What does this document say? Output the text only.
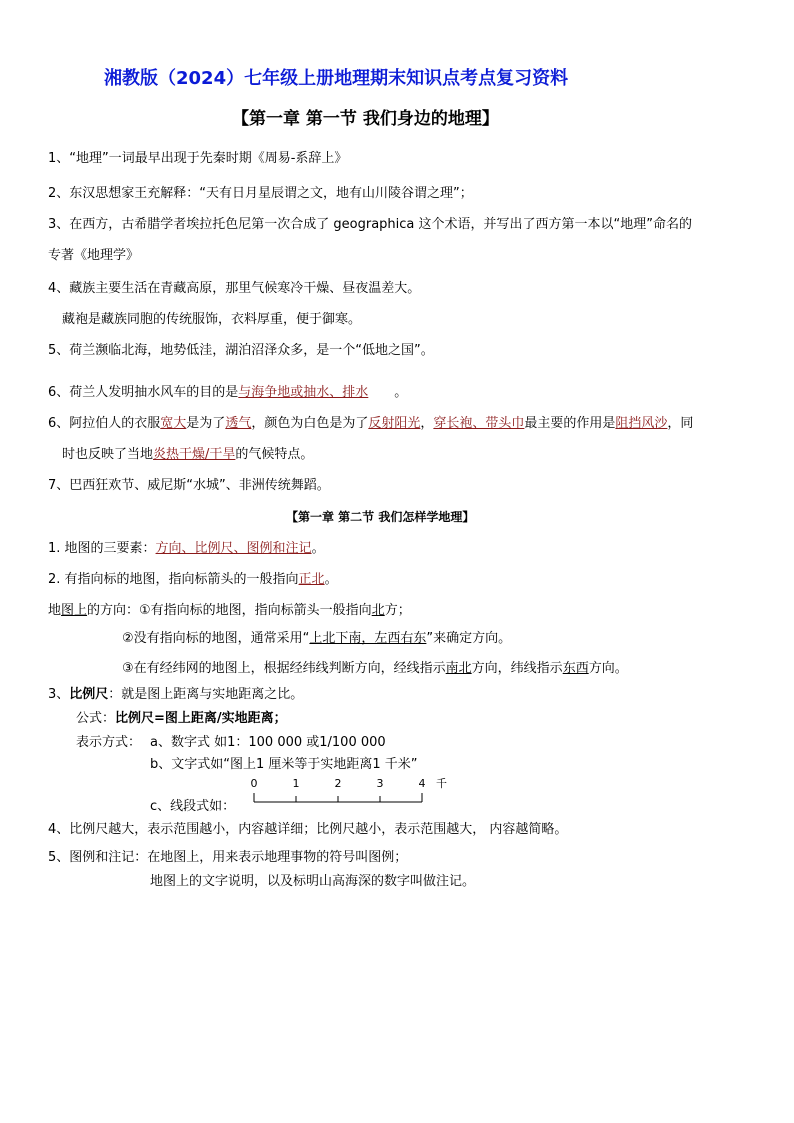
湘教版（2024）七年级上册地理期末知识点考点复习资料
【第一章 第一节 我们身边的地理】
1、“地理”一词最早出现于先秦时期《周易-系辞上》
2、东汉思想家王充解释：“天有日月星辰谓之文，地有山川陵谷谓之理”；
3、在西方，古希腊学者埃拉托色尼第一次合成了 geographica 这个术语，并写出了西方第一本以“地理”命名的
专著《地理学》
4、藏族主要生活在青藏高原，那里气候寒冷干燥、昼夜温差大。
藏袍是藏族同胞的传统服饰，衣料厚重，便于御寒。
5、荷兰濒临北海，地势低洼，湖泊沼泽众多，是一个“低地之国”。
6、荷兰人发明抽水风车的目的是与海争地或抽水、排水 。
6、阿拉伯人的衣服宽大是为了透气，颜色为白色是为了反射阳光，穿长袍、带头巾最主要的作用是阻挡风沙，同
时也反映了当地炎热干燥/干旱的气候特点。
7、巴西狂欢节、威尼斯“水城”、非洲传统舞蹈。
【第一章 第二节 我们怎样学地理】
1. 地图的三要素：方向、比例尺、图例和注记。
2. 有指向标的地图，指向标箭头的一般指向正北。
地图上的方向：①有指向标的地图，指向标箭头一般指向北方；
②没有指向标的地图，通常采用“上北下南，左西右东”来确定方向。
③在有经纬网的地图上，根据经纬线判断方向，经线指示南北方向，纬线指示东西方向。
3、比例尺：就是图上距离与实地距离之比。
公式：比例尺=图上距离/实地距离；
表示方式： a、数字式 如1：100 000 或1/100 000
b、文字式如“图上1 厘米等于实地距离1 千米”
c、线段式如：
0	1	2	3	4 千
4、比例尺越大，表示范围越小，内容越详细；比例尺越小，表示范围越大， 内容越简略。
5、图例和注记：在地图上，用来表示地理事物的符号叫图例；
地图上的文字说明，以及标明山高海深的数字叫做注记。
